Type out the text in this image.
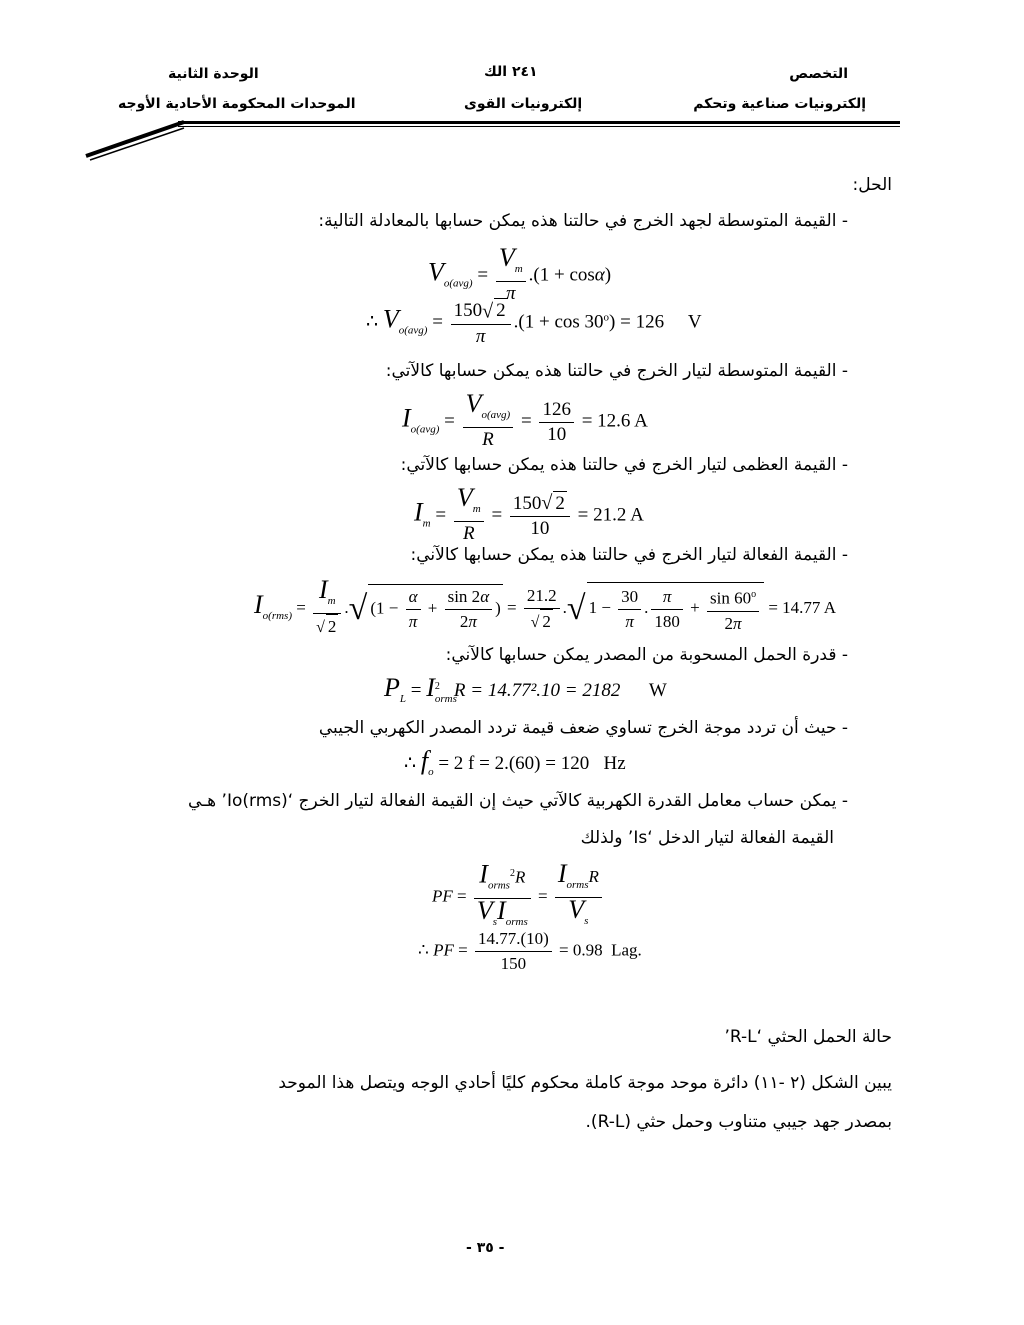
التخصص
إلكترونيات صناعية وتحكم
٢٤١ الك
إلكترونيات القوى
الوحدة الثانية
الموحدات المحكومة الأحادية الأوجه
الحل:
- القيمة المتوسطة لجهد الخرج في حالتنا هذه يمكن حسابها بالمعادلة التالية:
$V_{o(avg)} = \frac{V_m}{\pi} .(1 + \cos\alpha)$
∴ $V_{o(avg)} = \frac{150√ 2}{\pi} .(1 + \cos 30^o) = 126$ V
- القيمة المتوسطة لتيار الخرج في حالتنا هذه يمكن حسابها كالآتي:
$I_{o(avg)} = \frac{V_{o(avg)}}{R} = \frac{126}{10} = 12.6$ A
- القيمة العظمى لتيار الخرج في حالتنا هذه يمكن حسابها كالآتي:
$I_m = \frac{V_m}{R} = \frac{150√ 2}{10} = 21.2$ A
- القيمة الفعالة لتيار الخرج في حالتنا هذه يمكن حسابها كالآني:
$I_{o(rms)} = \frac{I_m}{√ 2}$ .√ ($1 - \frac{\alpha}{\pi} + \frac{\sin 2\alpha}{2\pi}$ ) = $\frac{21.2}{√ 2}$ .√ $1 - \frac{30}{\pi}$ . $\frac{\pi}{180} + \frac{\sin 60^o}{2\pi} = 14.77$ A
- قدرة الحمل المسحوبة من المصدر يمكن حسابها كالآني:
$P_L = I_{orms}^2$ R = 14.77².10 = 2182 W
- حيث أن تردد موجة الخرج تساوي ضعف قيمة تردد المصدر الكهربي الجيبي
∴ $f_o = 2$ f = 2.(60) = 120 Hz
- يمكن حساب معامل القدرة الكهربية كالآتي حيث إن القيمة الفعالة لتيار الخرج ‘Io(rms)’ هـي
القيمة الفعالة لتيار الدخل ‘Is’ ولذلك
PF = $\frac{I_{orms}^2R}{V_sI_{orms}} = \frac{I_{orms}R}{V_s}$
∴ PF = $\frac{14.77.(10)}{150} = 0.98$ Lag.
حالة الحمل الحثي ‘R-L’
يبين الشكل (٢ -١١) دائرة موحد موجة كاملة محكوم كليًا أحادي الوجه ويتصل هذا الموحد
بمصدر جهد جيبي متناوب وحمل حثي (R-L).
- ٣٥ -
